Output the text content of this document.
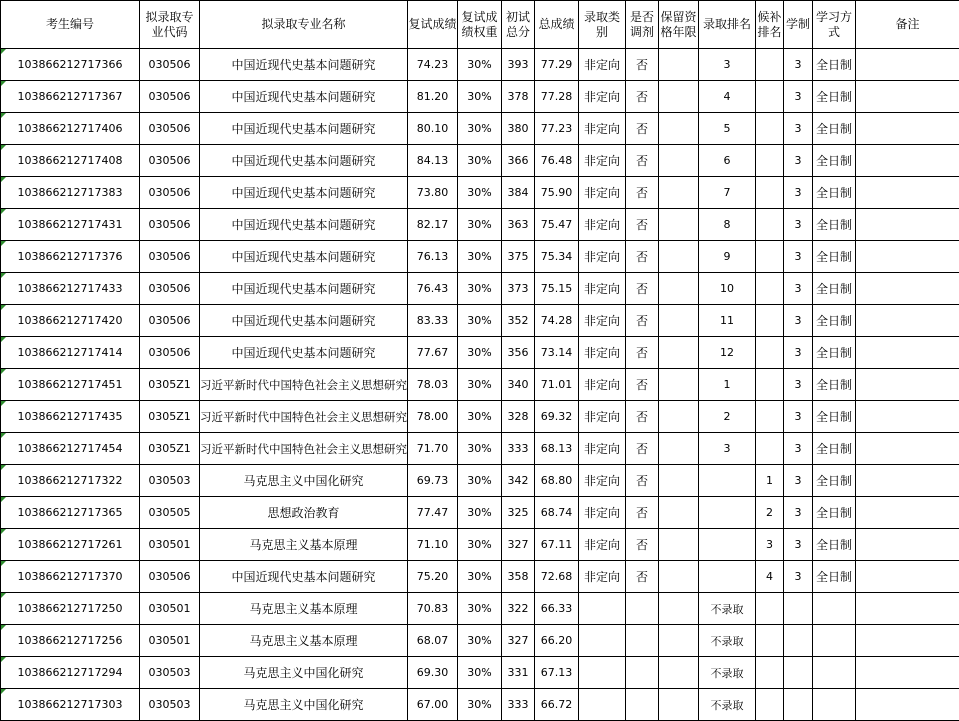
考生编号	拟录取专业代码	拟录取专业名称	复试成绩	复试成绩权重	初试总分	总成绩	录取类别	是否调剂	保留资格年限	录取排名	候补排名	学制	学习方式	备注
103866212717366	030506	中国近现代史基本问题研究	74.23	30%	393	77.29	非定向	否		3		3	全日制	
103866212717367	030506	中国近现代史基本问题研究	81.20	30%	378	77.28	非定向	否		4		3	全日制	
103866212717406	030506	中国近现代史基本问题研究	80.10	30%	380	77.23	非定向	否		5		3	全日制	
103866212717408	030506	中国近现代史基本问题研究	84.13	30%	366	76.48	非定向	否		6		3	全日制	
103866212717383	030506	中国近现代史基本问题研究	73.80	30%	384	75.90	非定向	否		7		3	全日制	
103866212717431	030506	中国近现代史基本问题研究	82.17	30%	363	75.47	非定向	否		8		3	全日制	
103866212717376	030506	中国近现代史基本问题研究	76.13	30%	375	75.34	非定向	否		9		3	全日制	
103866212717433	030506	中国近现代史基本问题研究	76.43	30%	373	75.15	非定向	否		10		3	全日制	
103866212717420	030506	中国近现代史基本问题研究	83.33	30%	352	74.28	非定向	否		11		3	全日制	
103866212717414	030506	中国近现代史基本问题研究	77.67	30%	356	73.14	非定向	否		12		3	全日制	
103866212717451	0305Z1	习近平新时代中国特色社会主义思想研究	78.03	30%	340	71.01	非定向	否		1		3	全日制	
103866212717435	0305Z1	习近平新时代中国特色社会主义思想研究	78.00	30%	328	69.32	非定向	否		2		3	全日制	
103866212717454	0305Z1	习近平新时代中国特色社会主义思想研究	71.70	30%	333	68.13	非定向	否		3		3	全日制	
103866212717322	030503	马克思主义中国化研究	69.73	30%	342	68.80	非定向	否			1	3	全日制	
103866212717365	030505	思想政治教育	77.47	30%	325	68.74	非定向	否			2	3	全日制	
103866212717261	030501	马克思主义基本原理	71.10	30%	327	67.11	非定向	否			3	3	全日制	
103866212717370	030506	中国近现代史基本问题研究	75.20	30%	358	72.68	非定向	否			4	3	全日制	
103866212717250	030501	马克思主义基本原理	70.83	30%	322	66.33				不录取				
103866212717256	030501	马克思主义基本原理	68.07	30%	327	66.20				不录取				
103866212717294	030503	马克思主义中国化研究	69.30	30%	331	67.13				不录取				
103866212717303	030503	马克思主义中国化研究	67.00	30%	333	66.72				不录取				
